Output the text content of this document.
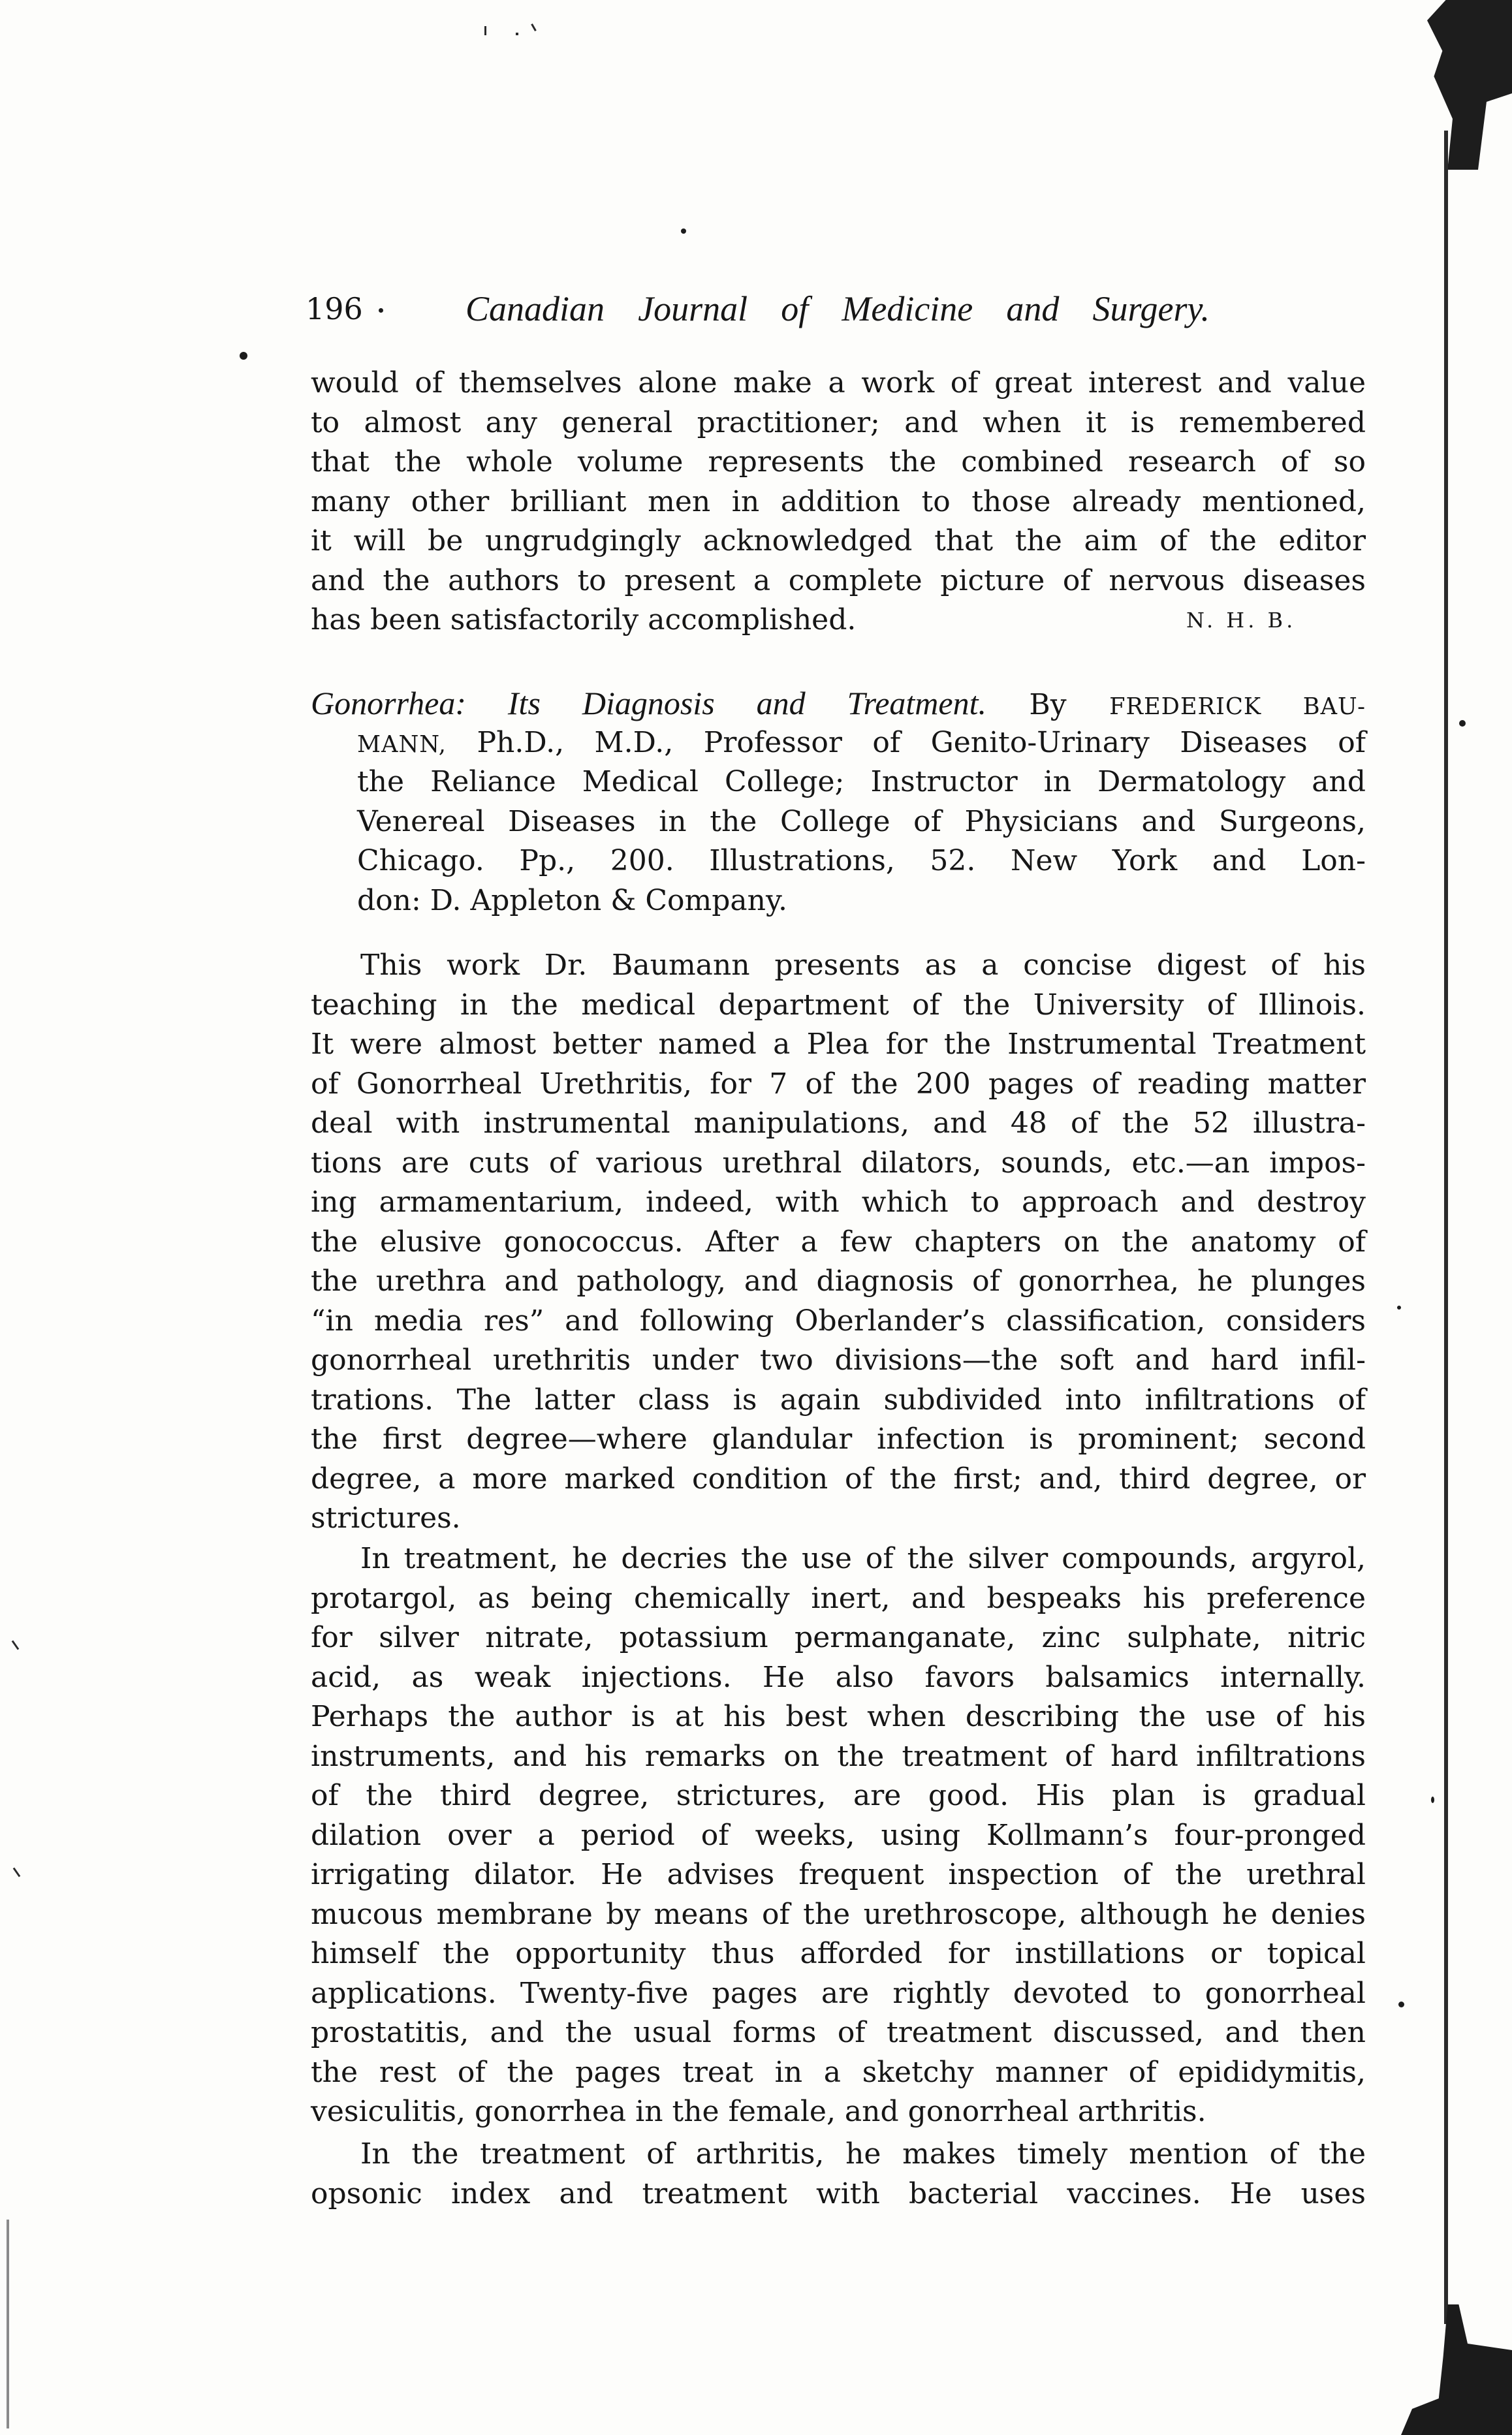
196	Canadian Journal of Medicine and Surgery.
would of themselves alone make a work of great interest and value
to almost any general practitioner; and when it is remembered
that the whole volume represents the combined research of so
many other brilliant men in addition to those already mentioned,
it will be ungrudgingly acknowledged that the aim of the editor
and the authors to present a complete picture of nervous diseases
has been satisfactorily accomplished.	N. H. B.
Gonorrhea: Its Diagnosis and Treatment. By FREDERICK BAU-
MANN, Ph.D., M.D., Professor of Genito-Urinary Diseases of
the Reliance Medical College; Instructor in Dermatology and
Venereal Diseases in the College of Physicians and Surgeons,
Chicago. Pp., 200. Illustrations, 52. New York and Lon-
don: D. Appleton & Company.
This work Dr. Baumann presents as a concise digest of his
teaching in the medical department of the University of Illinois.
It were almost better named a Plea for the Instrumental Treatment
of Gonorrheal Urethritis, for 7 of the 200 pages of reading matter
deal with instrumental manipulations, and 48 of the 52 illustra-
tions are cuts of various urethral dilators, sounds, etc.—an impos-
ing armamentarium, indeed, with which to approach and destroy
the elusive gonococcus. After a few chapters on the anatomy of
the urethra and pathology, and diagnosis of gonorrhea, he plunges
“in media res” and following Oberlander’s classification, considers
gonorrheal urethritis under two divisions—the soft and hard infil-
trations. The latter class is again subdivided into infiltrations of
the first degree—where glandular infection is prominent; second
degree, a more marked condition of the first; and, third degree, or
strictures.
In treatment, he decries the use of the silver compounds, argyrol,
protargol, as being chemically inert, and bespeaks his preference
for silver nitrate, potassium permanganate, zinc sulphate, nitric
acid, as weak injections. He also favors balsamics internally.
Perhaps the author is at his best when describing the use of his
instruments, and his remarks on the treatment of hard infiltrations
of the third degree, strictures, are good. His plan is gradual
dilation over a period of weeks, using Kollmann’s four-pronged
irrigating dilator. He advises frequent inspection of the urethral
mucous membrane by means of the urethroscope, although he denies
himself the opportunity thus afforded for instillations or topical
applications. Twenty-five pages are rightly devoted to gonorrheal
prostatitis, and the usual forms of treatment discussed, and then
the rest of the pages treat in a sketchy manner of epididymitis,
vesiculitis, gonorrhea in the female, and gonorrheal arthritis.
In the treatment of arthritis, he makes timely mention of the
opsonic index and treatment with bacterial vaccines. He uses
